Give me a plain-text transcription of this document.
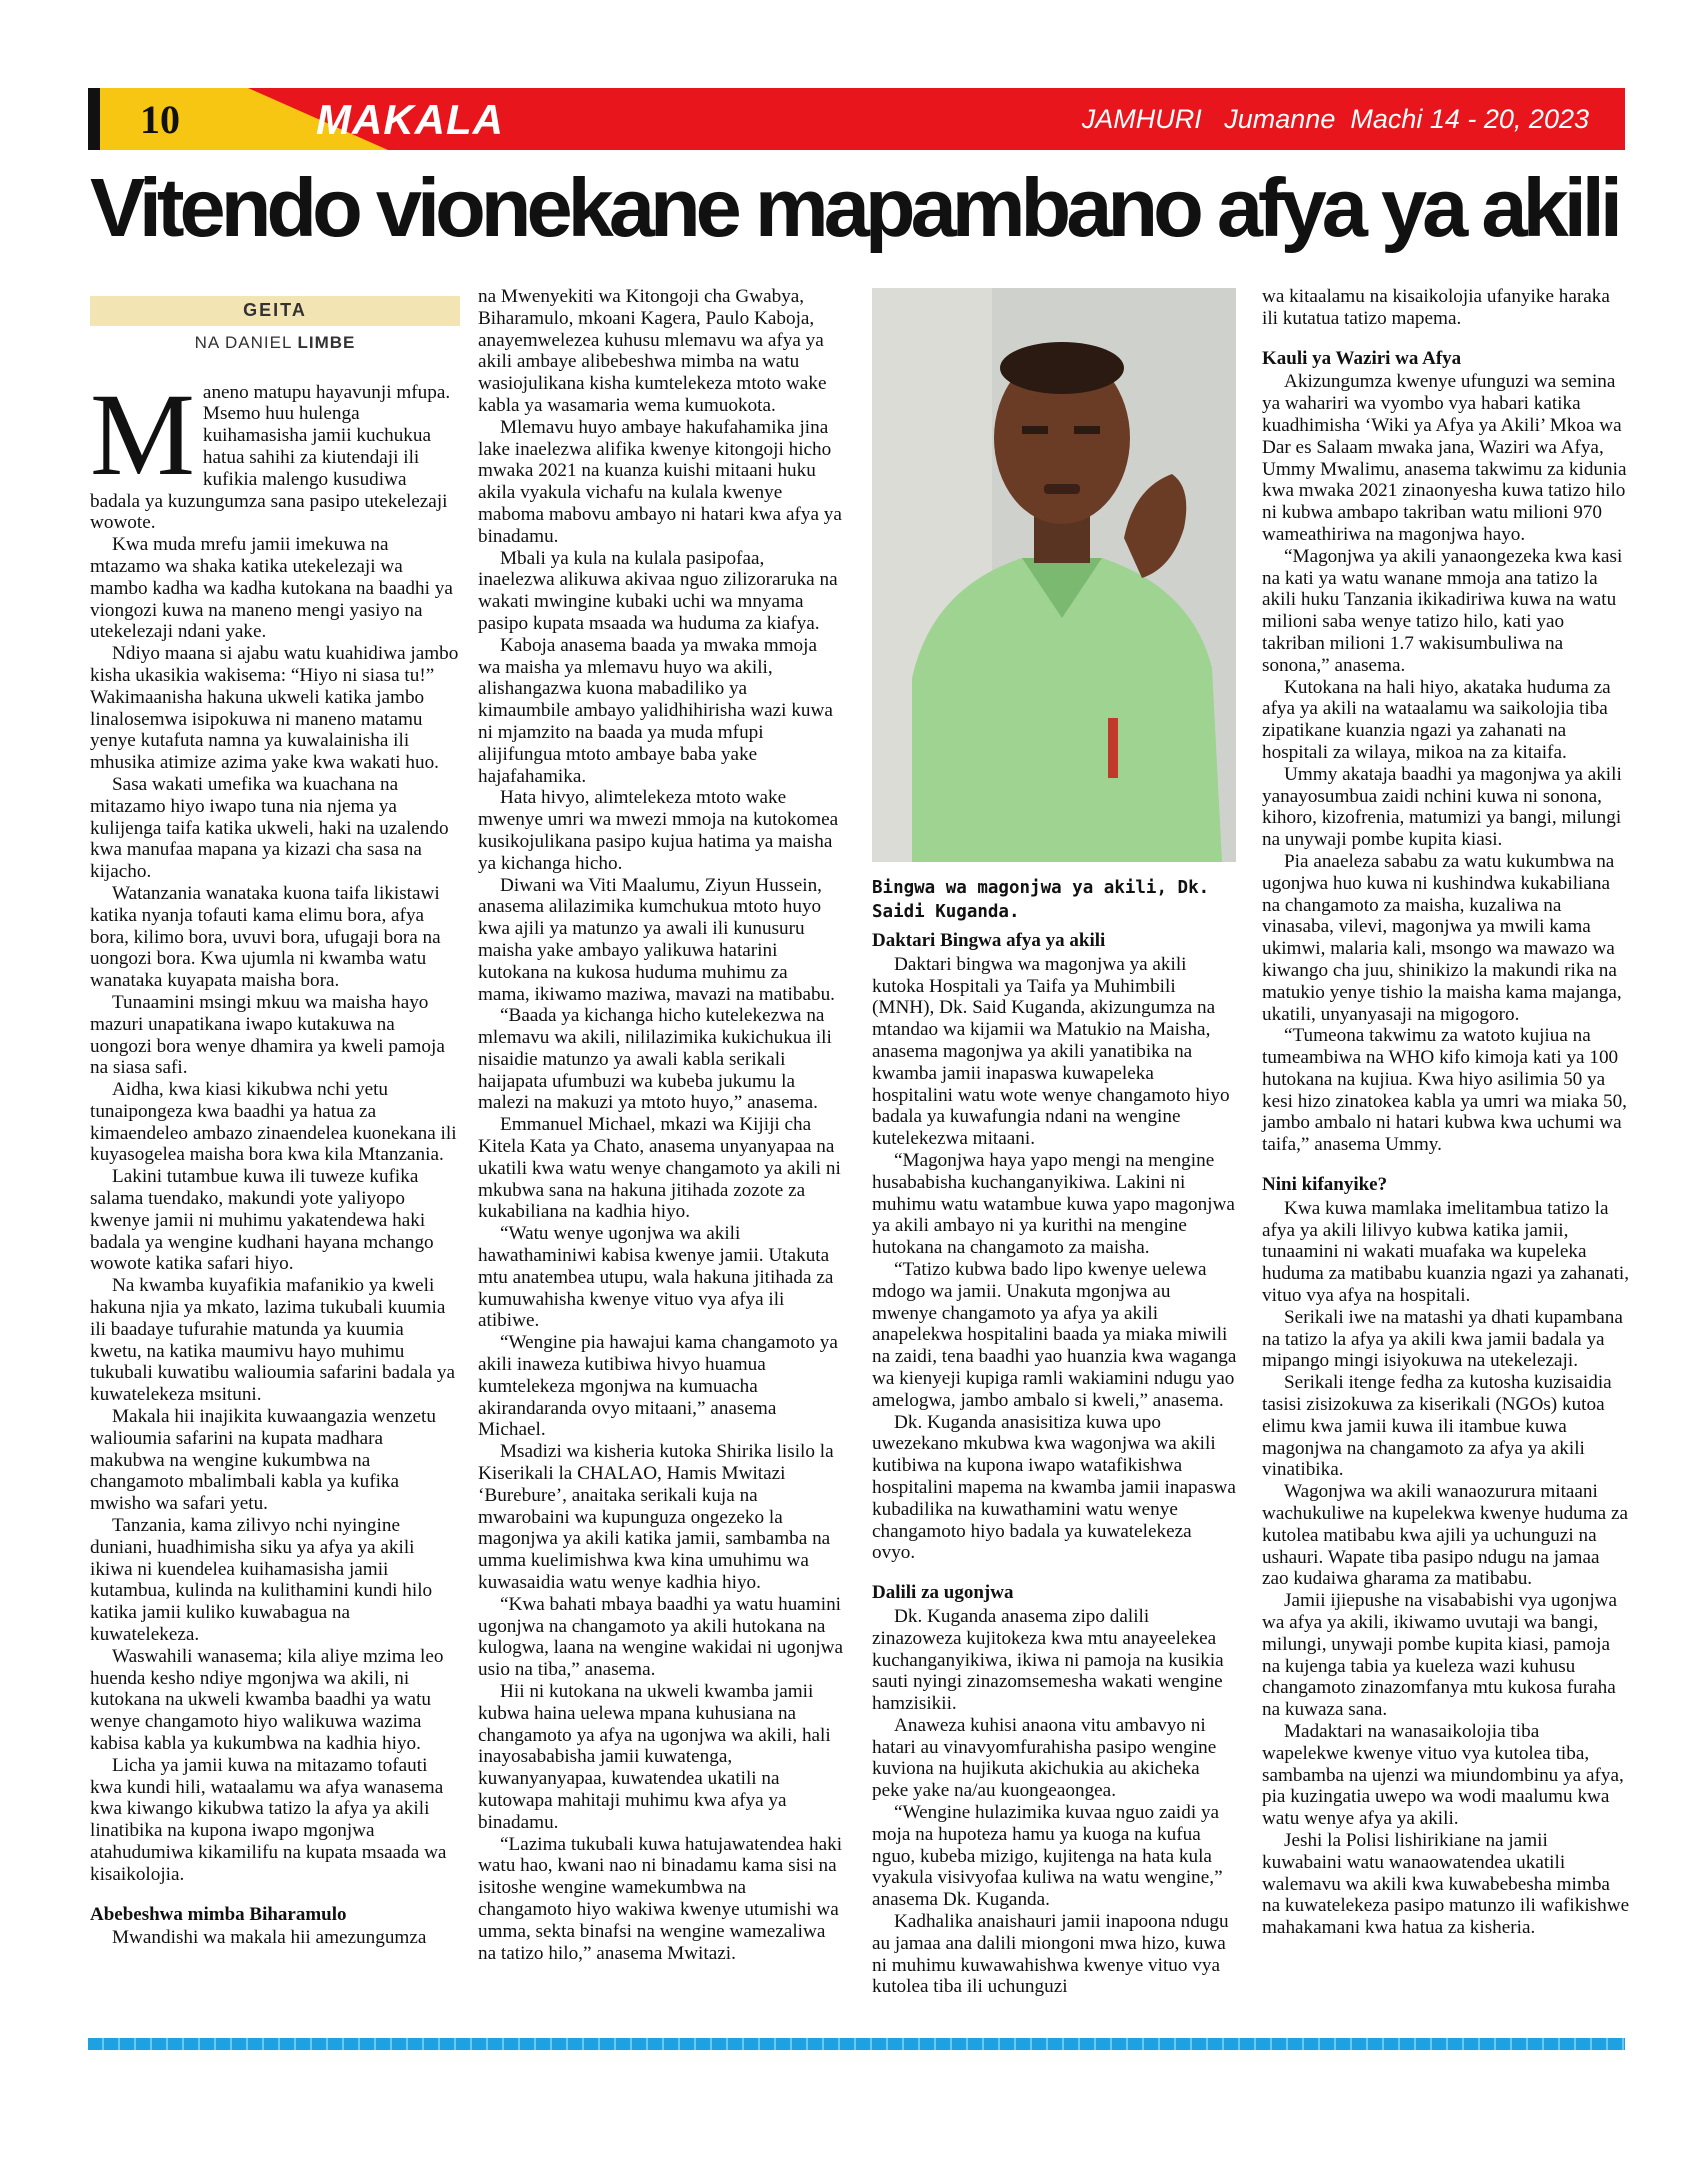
10	MAKALA	JAMHURI   Jumanne  Machi 14 - 20, 2023
Vitendo vionekane mapambano afya ya akili
GEITA
NA DANIEL LIMBE

Maneno matupu hayavunji mfupa. Msemo huu hulenga kuihamasisha jamii kuchukua hatua sahihi za kiutendaji ili kufikia malengo kusudiwa badala ya kuzungumza sana pasipo utekelezaji wowote.

Kwa muda mrefu jamii imekuwa na mtazamo wa shaka katika utekelezaji wa mambo kadha wa kadha kutokana na baadhi ya viongozi kuwa na maneno mengi yasiyo na utekelezaji ndani yake.

Ndiyo maana si ajabu watu kuahidiwa jambo kisha ukasikia wakisema: “Hiyo ni siasa tu!” Wakimaanisha hakuna ukweli katika jambo linalosemwa isipokuwa ni maneno matamu yenye kutafuta namna ya kuwalainisha ili mhusika atimize azima yake kwa wakati huo.

Sasa wakati umefika wa kuachana na mitazamo hiyo iwapo tuna nia njema ya kulijenga taifa katika ukweli, haki na uzalendo kwa manufaa mapana ya kizazi cha sasa na kijacho.

Watanzania wanataka kuona taifa likistawi katika nyanja tofauti kama elimu bora, afya bora, kilimo bora, uvuvi bora, ufugaji bora na uongozi bora. Kwa ujumla ni kwamba watu wanataka kuyapata maisha bora.

Tunaamini msingi mkuu wa maisha hayo mazuri unapatikana iwapo kutakuwa na uongozi bora wenye dhamira ya kweli pamoja na siasa safi.

Aidha, kwa kiasi kikubwa nchi yetu tunaipongeza kwa baadhi ya hatua za kimaendeleo ambazo zinaendelea kuonekana ili kuyasogelea maisha bora kwa kila Mtanzania.

Lakini tutambue kuwa ili tuweze kufika salama tuendako, makundi yote yaliyopo kwenye jamii ni muhimu yakatendewa haki badala ya wengine kudhani hayana mchango wowote katika safari hiyo.

Na kwamba kuyafikia mafanikio ya kweli hakuna njia ya mkato, lazima tukubali kuumia ili baadaye tufurahie matunda ya kuumia kwetu, na katika maumivu hayo muhimu tukubali kuwatibu walioumia safarini badala ya kuwatelekeza msituni.

Makala hii inajikita kuwaangazia wenzetu walioumia safarini na kupata madhara makubwa na wengine kukumbwa na changamoto mbalimbali kabla ya kufika mwisho wa safari yetu.

Tanzania, kama zilivyo nchi nyingine duniani, huadhimisha siku ya afya ya akili ikiwa ni kuendelea kuihamasisha jamii kutambua, kulinda na kulithamini kundi hilo katika jamii kuliko kuwabagua na kuwatelekeza.

Waswahili wanasema; kila aliye mzima leo huenda kesho ndiye mgonjwa wa akili, ni kutokana na ukweli kwamba baadhi ya watu wenye changamoto hiyo walikuwa wazima kabisa kabla ya kukumbwa na kadhia hiyo.

Licha ya jamii kuwa na mitazamo tofauti kwa kundi hili, wataalamu wa afya wanasema kwa kiwango kikubwa tatizo la afya ya akili linatibika na kupona iwapo mgonjwa atahudumiwa kikamilifu na kupata msaada wa kisaikolojia.

Abebeshwa mimba Biharamulo

Mwandishi wa makala hii amezungumza

na Mwenyekiti wa Kitongoji cha Gwabya, Biharamulo, mkoani Kagera, Paulo Kaboja, anayemwelezea kuhusu mlemavu wa afya ya akili ambaye alibebeshwa mimba na watu wasiojulikana kisha kumtelekeza mtoto wake kabla ya wasamaria wema kumuokota.

Mlemavu huyo ambaye hakufahamika jina lake inaelezwa alifika kwenye kitongoji hicho mwaka 2021 na kuanza kuishi mitaani huku akila vyakula vichafu na kulala kwenye maboma mabovu ambayo ni hatari kwa afya ya binadamu.

Mbali ya kula na kulala pasipofaa, inaelezwa alikuwa akivaa nguo zilizoraruka na wakati mwingine kubaki uchi wa mnyama pasipo kupata msaada wa huduma za kiafya.

Kaboja anasema baada ya mwaka mmoja wa maisha ya mlemavu huyo wa akili, alishangazwa kuona mabadiliko ya kimaumbile ambayo yalidhihirisha wazi kuwa ni mjamzito na baada ya muda mfupi alijifungua mtoto ambaye baba yake hajafahamika.

Hata hivyo, alimtelekeza mtoto wake mwenye umri wa mwezi mmoja na kutokomea kusikojulikana pasipo kujua hatima ya maisha ya kichanga hicho.

Diwani wa Viti Maalumu, Ziyun Hussein, anasema alilazimika kumchukua mtoto huyo kwa ajili ya matunzo ya awali ili kunusuru maisha yake ambayo yalikuwa hatarini kutokana na kukosa huduma muhimu za mama, ikiwamo maziwa, mavazi na matibabu.

“Baada ya kichanga hicho kutelekezwa na mlemavu wa akili, nililazimika kukichukua ili nisaidie matunzo ya awali kabla serikali haijapata ufumbuzi wa kubeba jukumu la malezi na makuzi ya mtoto huyo,” anasema.

Emmanuel Michael, mkazi wa Kijiji cha Kitela Kata ya Chato, anasema unyanyapaa na ukatili kwa watu wenye changamoto ya akili ni mkubwa sana na hakuna jitihada zozote za kukabiliana na kadhia hiyo.

“Watu wenye ugonjwa wa akili hawathaminiwi kabisa kwenye jamii. Utakuta mtu anatembea utupu, wala hakuna jitihada za kumuwahisha kwenye vituo vya afya ili atibiwe.

“Wengine pia hawajui kama changamoto ya akili inaweza kutibiwa hivyo huamua kumtelekeza mgonjwa na kumuacha akirandaranda ovyo mitaani,” anasema Michael.

Msadizi wa kisheria kutoka Shirika lisilo la Kiserikali la CHALAO, Hamis Mwitazi ‘Burebure’, anaitaka serikali kuja na mwarobaini wa kupunguza ongezeko la magonjwa ya akili katika jamii, sambamba na umma kuelimishwa kwa kina umuhimu wa kuwasaidia watu wenye kadhia hiyo.

“Kwa bahati mbaya baadhi ya watu huamini ugonjwa na changamoto ya akili hutokana na kulogwa, laana na wengine wakidai ni ugonjwa usio na tiba,” anasema.

Hii ni kutokana na ukweli kwamba jamii kubwa haina uelewa mpana kuhusiana na changamoto ya afya na ugonjwa wa akili, hali inayosababisha jamii kuwatenga, kuwanyanyapaa, kuwatendea ukatili na kutowapa mahitaji muhimu kwa afya ya binadamu.

“Lazima tukubali kuwa hatujawatendea haki watu hao, kwani nao ni binadamu kama sisi na isitoshe wengine wamekumbwa na changamoto hiyo wakiwa kwenye utumishi wa umma, sekta binafsi na wengine wamezaliwa na tatizo hilo,” anasema Mwitazi.

Bingwa wa magonjwa ya akili, Dk. Saidi Kuganda.
Daktari Bingwa afya ya akili

Daktari bingwa wa magonjwa ya akili kutoka Hospitali ya Taifa ya Muhimbili (MNH), Dk. Said Kuganda, akizungumza na mtandao wa kijamii wa Matukio na Maisha, anasema magonjwa ya akili yanatibika na kwamba jamii inapaswa kuwapeleka hospitalini watu wote wenye changamoto hiyo badala ya kuwafungia ndani na wengine kutelekezwa mitaani.

“Magonjwa haya yapo mengi na mengine husababisha kuchanganyikiwa. Lakini ni muhimu watu watambue kuwa yapo magonjwa ya akili ambayo ni ya kurithi na mengine hutokana na changamoto za maisha.

“Tatizo kubwa bado lipo kwenye uelewa mdogo wa jamii. Unakuta mgonjwa au mwenye changamoto ya afya ya akili anapelekwa hospitalini baada ya miaka miwili na zaidi, tena baadhi yao huanzia kwa waganga wa kienyeji kupiga ramli wakiamini ndugu yao amelogwa, jambo ambalo si kweli,” anasema.

Dk. Kuganda anasisitiza kuwa upo uwezekano mkubwa kwa wagonjwa wa akili kutibiwa na kupona iwapo watafikishwa hospitalini mapema na kwamba jamii inapaswa kubadilika na kuwathamini watu wenye changamoto hiyo badala ya kuwatelekeza ovyo.

Dalili za ugonjwa

Dk. Kuganda anasema zipo dalili zinazoweza kujitokeza kwa mtu anayeelekea kuchanganyikiwa, ikiwa ni pamoja na kusikia sauti nyingi zinazomsemesha wakati wengine hamzisikii.

Anaweza kuhisi anaona vitu ambavyo ni hatari au vinavyomfurahisha pasipo wengine kuviona na hujikuta akichukia au akicheka peke yake na/au kuongeaongea.

“Wengine hulazimika kuvaa nguo zaidi ya moja na hupoteza hamu ya kuoga na kufua nguo, kubeba mizigo, kujitenga na hata kula vyakula visivyofaa kuliwa na watu wengine,” anasema Dk. Kuganda.

Kadhalika anaishauri jamii inapoona ndugu au jamaa ana dalili miongoni mwa hizo, kuwa ni muhimu kuwawahishwa kwenye vituo vya kutolea tiba ili uchunguzi

wa kitaalamu na kisaikolojia ufanyike haraka ili kutatua tatizo mapema.

Kauli ya Waziri wa Afya

Akizungumza kwenye ufunguzi wa semina ya wahariri wa vyombo vya habari katika kuadhimisha ‘Wiki ya Afya ya Akili’ Mkoa wa Dar es Salaam mwaka jana, Waziri wa Afya, Ummy Mwalimu, anasema takwimu za kidunia kwa mwaka 2021 zinaonyesha kuwa tatizo hilo ni kubwa ambapo takriban watu milioni 970 wameathiriwa na magonjwa hayo.

“Magonjwa ya akili yanaongezeka kwa kasi na kati ya watu wanane mmoja ana tatizo la akili huku Tanzania ikikadiriwa kuwa na watu milioni saba wenye tatizo hilo, kati yao takriban milioni 1.7 wakisumbuliwa na sonona,” anasema.

Kutokana na hali hiyo, akataka huduma za afya ya akili na wataalamu wa saikolojia tiba zipatikane kuanzia ngazi ya zahanati na hospitali za wilaya, mikoa na za kitaifa.

Ummy akataja baadhi ya magonjwa ya akili yanayosumbua zaidi nchini kuwa ni sonona, kihoro, kizofrenia, matumizi ya bangi, milungi na unywaji pombe kupita kiasi.

Pia anaeleza sababu za watu kukumbwa na ugonjwa huo kuwa ni kushindwa kukabiliana na changamoto za maisha, kuzaliwa na vinasaba, vilevi, magonjwa ya mwili kama ukimwi, malaria kali, msongo wa mawazo wa kiwango cha juu, shinikizo la makundi rika na matukio yenye tishio la maisha kama majanga, ukatili, unyanyasaji na migogoro.

“Tumeona takwimu za watoto kujiua na tumeambiwa na WHO kifo kimoja kati ya 100 hutokana na kujiua. Kwa hiyo asilimia 50 ya kesi hizo zinatokea kabla ya umri wa miaka 50, jambo ambalo ni hatari kubwa kwa uchumi wa taifa,” anasema Ummy.

Nini kifanyike?

Kwa kuwa mamlaka imelitambua tatizo la afya ya akili lilivyo kubwa katika jamii, tunaamini ni wakati muafaka wa kupeleka huduma za matibabu kuanzia ngazi ya zahanati, vituo vya afya na hospitali.

Serikali iwe na matashi ya dhati kupambana na tatizo la afya ya akili kwa jamii badala ya mipango mingi isiyokuwa na utekelezaji.

Serikali itenge fedha za kutosha kuzisaidia tasisi zisizokuwa za kiserikali (NGOs) kutoa elimu kwa jamii kuwa ili itambue kuwa magonjwa na changamoto za afya ya akili vinatibika.

Wagonjwa wa akili wanaozurura mitaani wachukuliwe na kupelekwa kwenye huduma za kutolea matibabu kwa ajili ya uchunguzi na ushauri. Wapate tiba pasipo ndugu na jamaa zao kudaiwa gharama za matibabu.

Jamii ijiepushe na visababishi vya ugonjwa wa afya ya akili, ikiwamo uvutaji wa bangi, milungi, unywaji pombe kupita kiasi, pamoja na kujenga tabia ya kueleza wazi kuhusu changamoto zinazomfanya mtu kukosa furaha na kuwaza sana.

Madaktari na wanasaikolojia tiba wapelekwe kwenye vituo vya kutolea tiba, sambamba na ujenzi wa miundombinu ya afya, pia kuzingatia uwepo wa wodi maalumu kwa watu wenye afya ya akili.

Jeshi la Polisi lishirikiane na jamii kuwabaini watu wanaowatendea ukatili walemavu wa akili kwa kuwabebesha mimba na kuwatelekeza pasipo matunzo ili wafikishwe mahakamani kwa hatua za kisheria.
